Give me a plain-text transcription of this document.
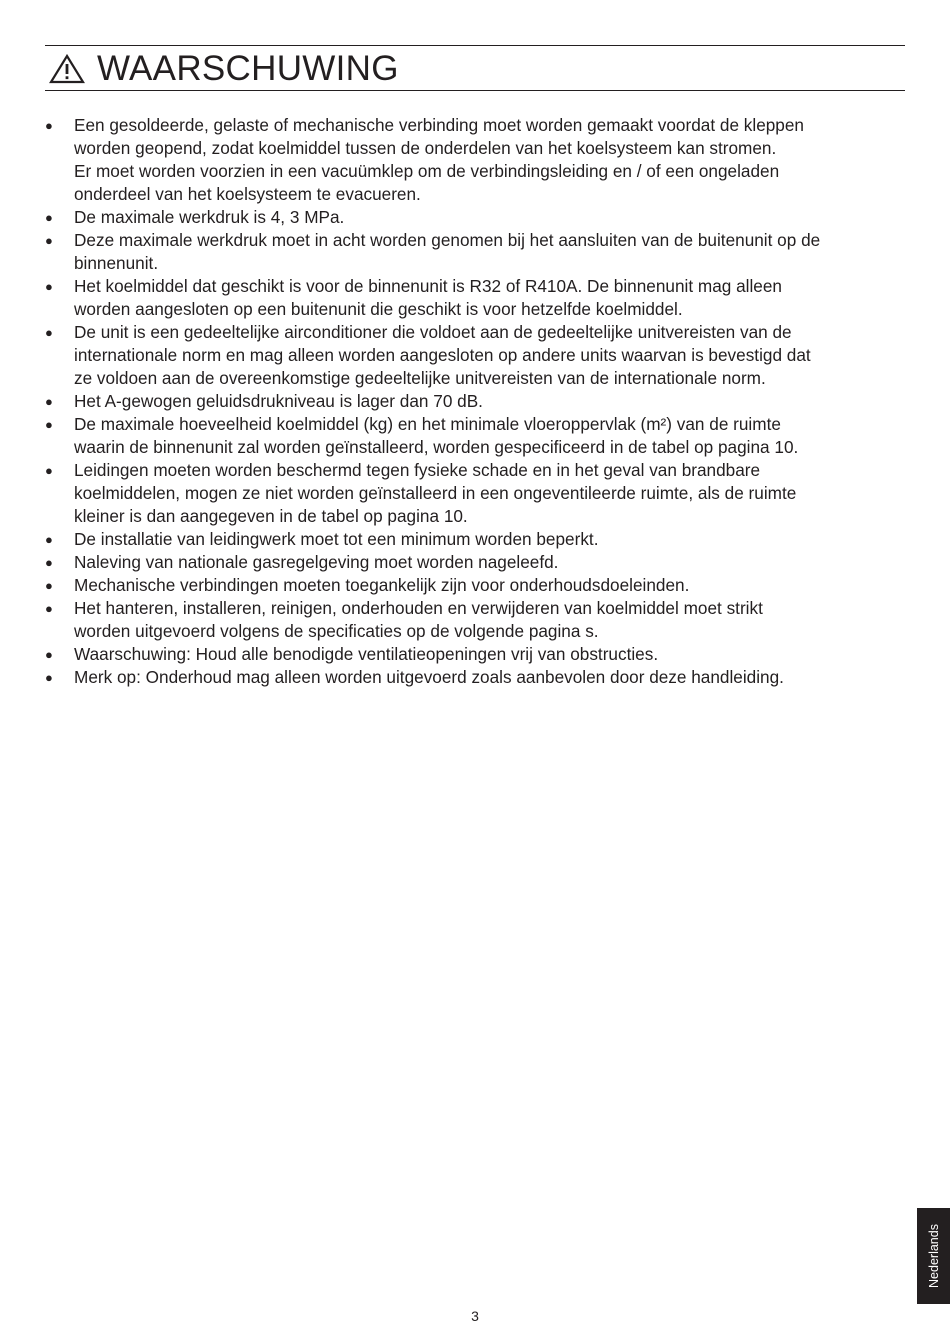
WAARSCHUWING
● Een gesoldeerde, gelaste of mechanische verbinding moet worden gemaakt voordat de kleppen
worden geopend, zodat koelmiddel tussen de onderdelen van het koelsysteem kan stromen.
Er moet worden voorzien in een vacuümklep om de verbindingsleiding en / of een ongeladen
onderdeel van het koelsysteem te evacueren.
● De maximale werkdruk is 4, 3 MPa.
● Deze maximale werkdruk moet in acht worden genomen bij het aansluiten van de buitenunit op de
binnenunit.
● Het koelmiddel dat geschikt is voor de binnenunit is R32 of R410A. De binnenunit mag alleen
worden aangesloten op een buitenunit die geschikt is voor hetzelfde koelmiddel.
● De unit is een gedeeltelijke airconditioner die voldoet aan de gedeeltelijke unitvereisten van de
internationale norm en mag alleen worden aangesloten op andere units waarvan is bevestigd dat
ze voldoen aan de overeenkomstige gedeeltelijke unitvereisten van de internationale norm.
● Het A-gewogen geluidsdrukniveau is lager dan 70 dB.
● De maximale hoeveelheid koelmiddel (kg) en het minimale vloeroppervlak (m²) van de ruimte
waarin de binnenunit zal worden geïnstalleerd, worden gespecificeerd in de tabel op pagina 10.
● Leidingen moeten worden beschermd tegen fysieke schade en in het geval van brandbare
koelmiddelen, mogen ze niet worden geïnstalleerd in een ongeventileerde ruimte, als de ruimte
kleiner is dan aangegeven in de tabel op pagina 10.
● De installatie van leidingwerk moet tot een minimum worden beperkt.
● Naleving van nationale gasregelgeving moet worden nageleefd.
● Mechanische verbindingen moeten toegankelijk zijn voor onderhoudsdoeleinden.
● Het hanteren, installeren, reinigen, onderhouden en verwijderen van koelmiddel moet strikt
worden uitgevoerd volgens de specificaties op de volgende pagina s.
● Waarschuwing: Houd alle benodigde ventilatieopeningen vrij van obstructies.
● Merk op: Onderhoud mag alleen worden uitgevoerd zoals aanbevolen door deze handleiding.
Nederlands
3
